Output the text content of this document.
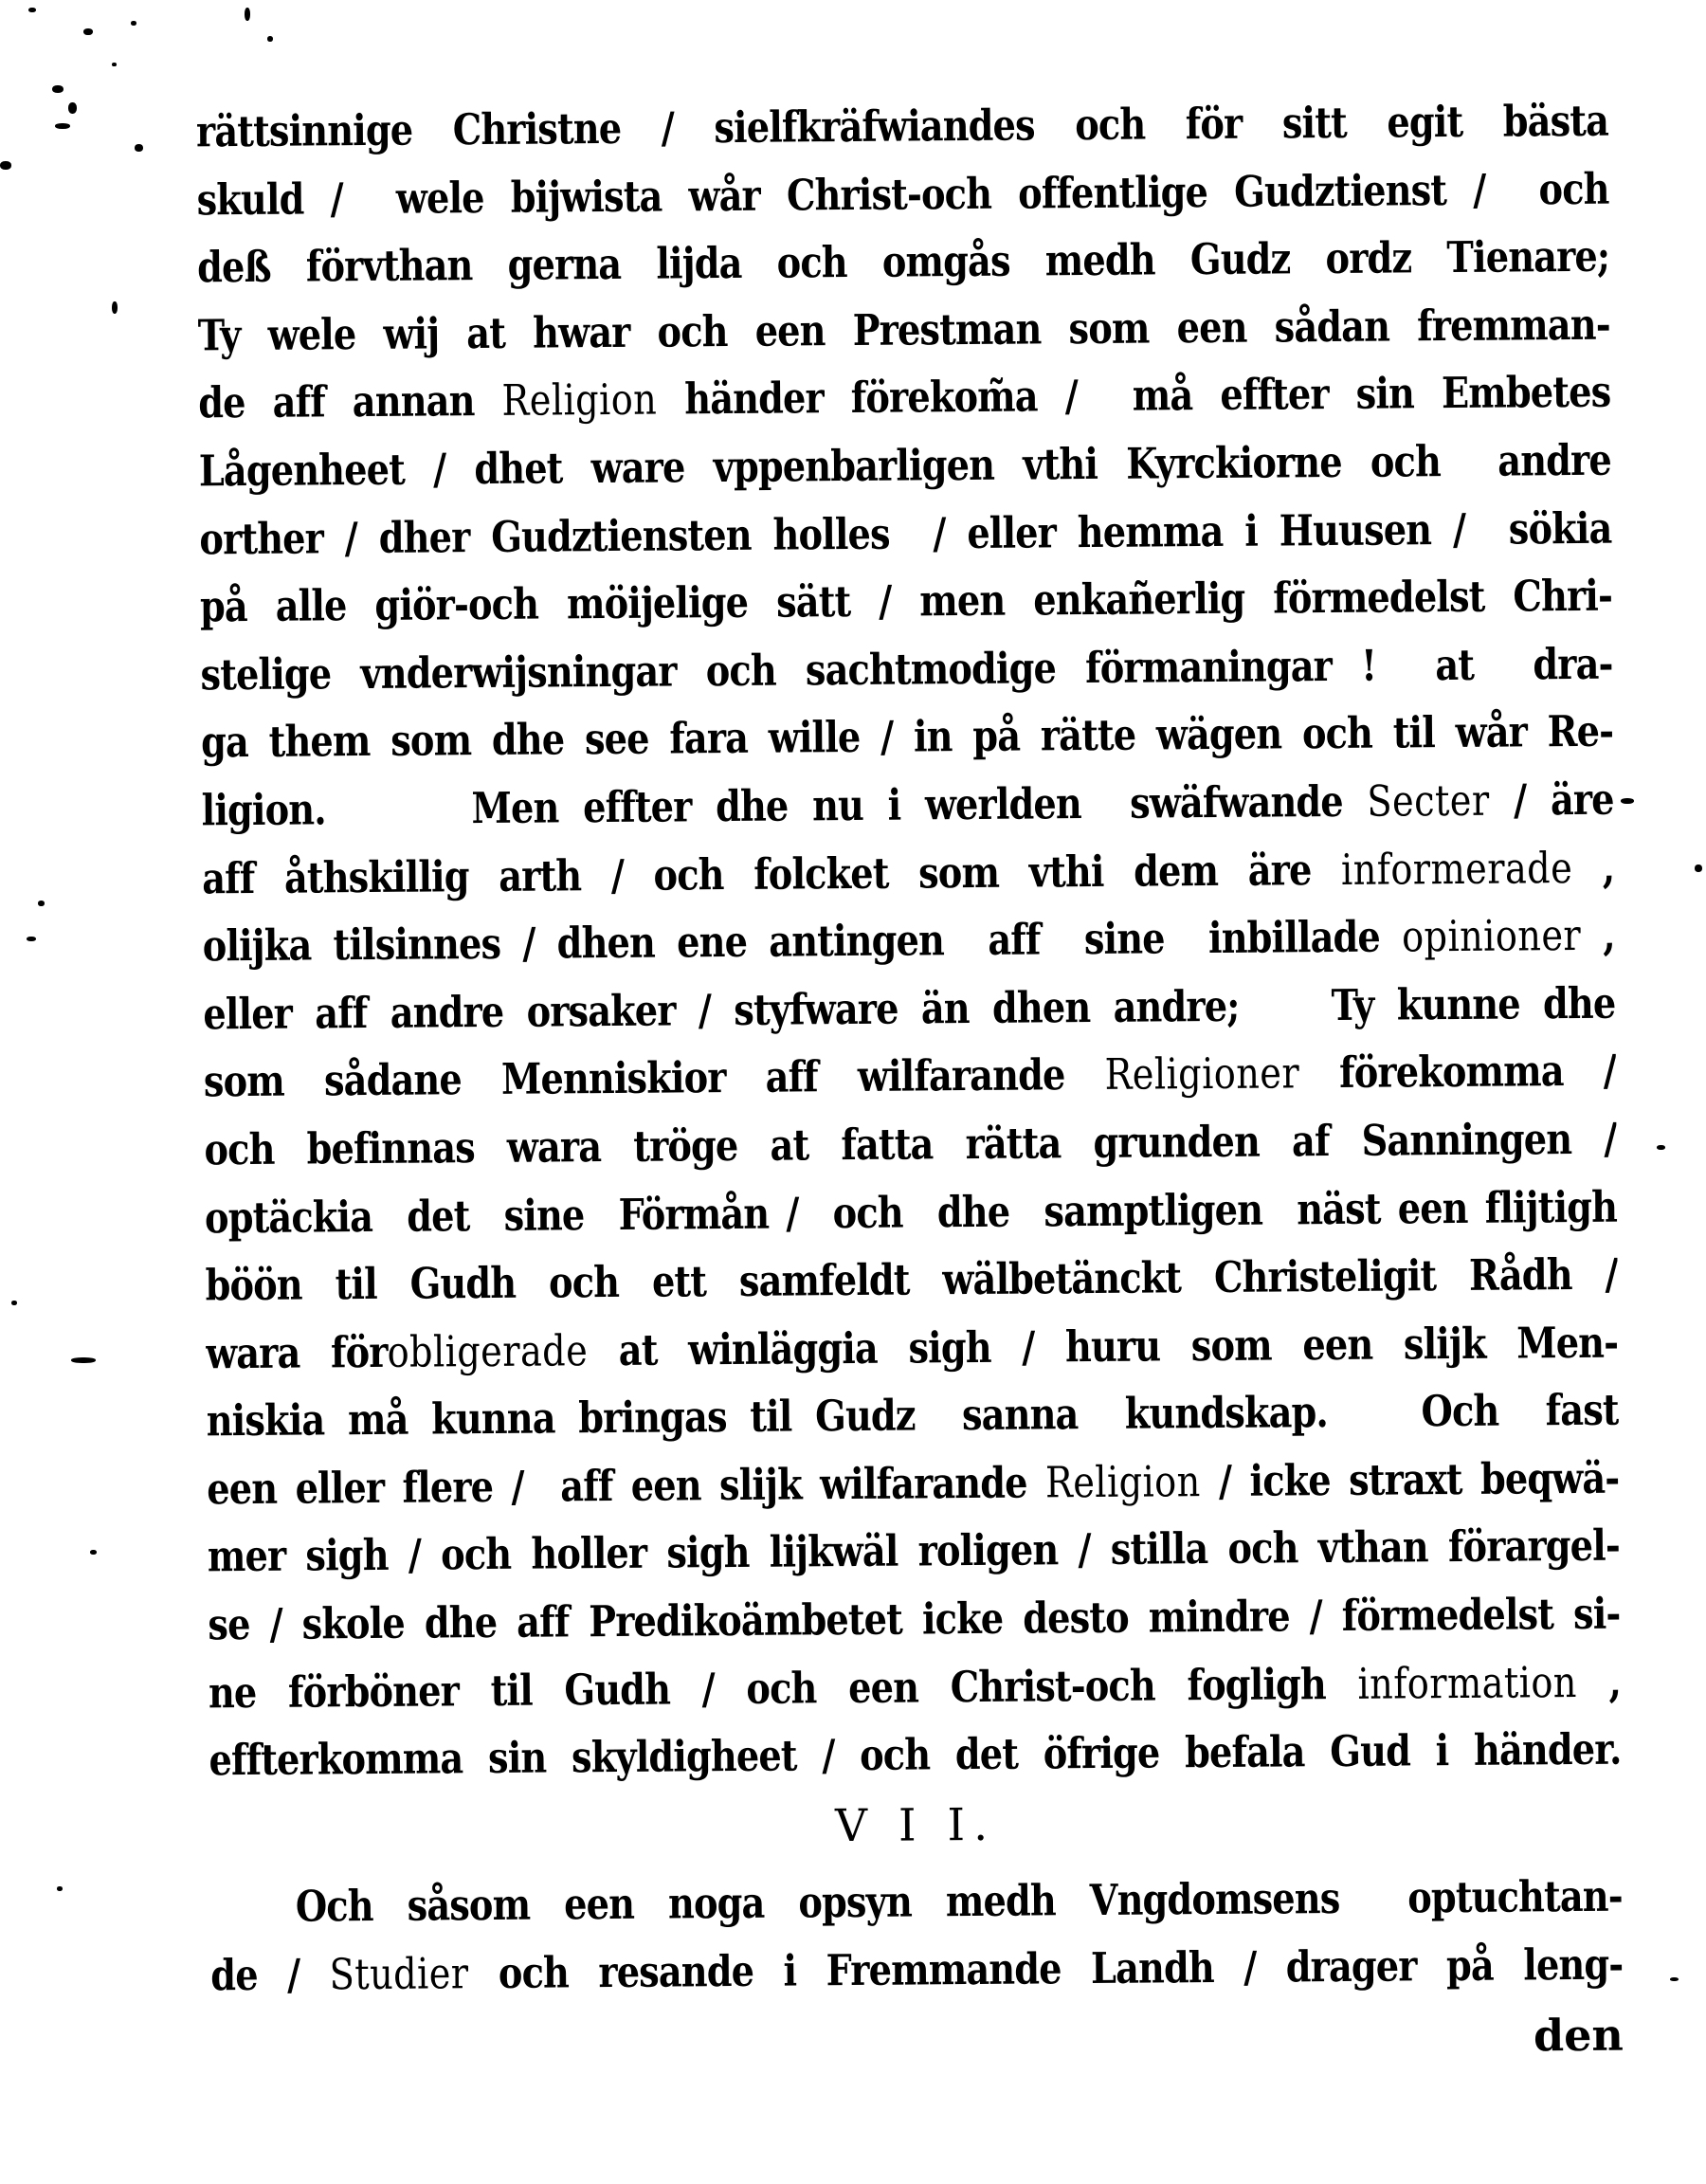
rättsinnige Christne / sielfkräfwiandes och för sitt egit bästa
skuld /  wele bijwista wår Christ-och offentlige Gudztienst /  och
deß förvthan gerna lijda och omgås medh Gudz ordz Tienare;
Ty wele wij at hwar och een Prestman som een sådan fremman-
de aff annan Religion händer förekom̃a /  må effter sin Embetes
Lågenheet / dhet ware vppenbarligen vthi Kyrckiorne och  andre
orther / dher Gudztiensten holles  / eller hemma i Huusen /  sökia
på alle giör-och möijelige sätt / men enkañerlig förmedelst Chri-
stelige vnderwijsningar och sachtmodige förmaningar !  at  dra-
ga them som dhe see fara wille / in på rätte wägen och til wår Re-
ligion.      Men effter dhe nu i werlden  swäfwande Secter / äre
aff åthskillig arth / och folcket som vthi dem äre informerade ,
olijka tilsinnes / dhen ene antingen  aff  sine  inbillade opinioner ,
eller aff andre orsaker / styfware än dhen andre;    Ty kunne dhe
som sådane Menniskior aff wilfarande Religioner förekomma /
och befinnas wara tröge at fatta rätta grunden af Sanningen /
optäckia  det  sine  Förmån /  och  dhe  samptligen  näst een flijtigh
böön til Gudh och ett samfeldt wälbetänckt Christeligit Rådh /
wara förobligerade at winläggia sigh / huru som een slijk Men-
niskia må kunna bringas til Gudz  sanna  kundskap.    Och  fast
een eller flere /  aff een slijk wilfarande Religion / icke straxt beqwä-
mer sigh / och holler sigh lijkwäl roligen / stilla och vthan förargel-
se / skole dhe aff Predikoämbetet icke desto mindre / förmedelst si-
ne förböner til Gudh / och een Christ-och fogligh information ,
effterkomma sin skyldigheet / och det öfrige befala Gud i händer.
V I I.
Och såsom een noga opsyn medh Vngdomsens  optuchtan-
de / Studier och resande i Fremmande Landh / drager på leng-
den
